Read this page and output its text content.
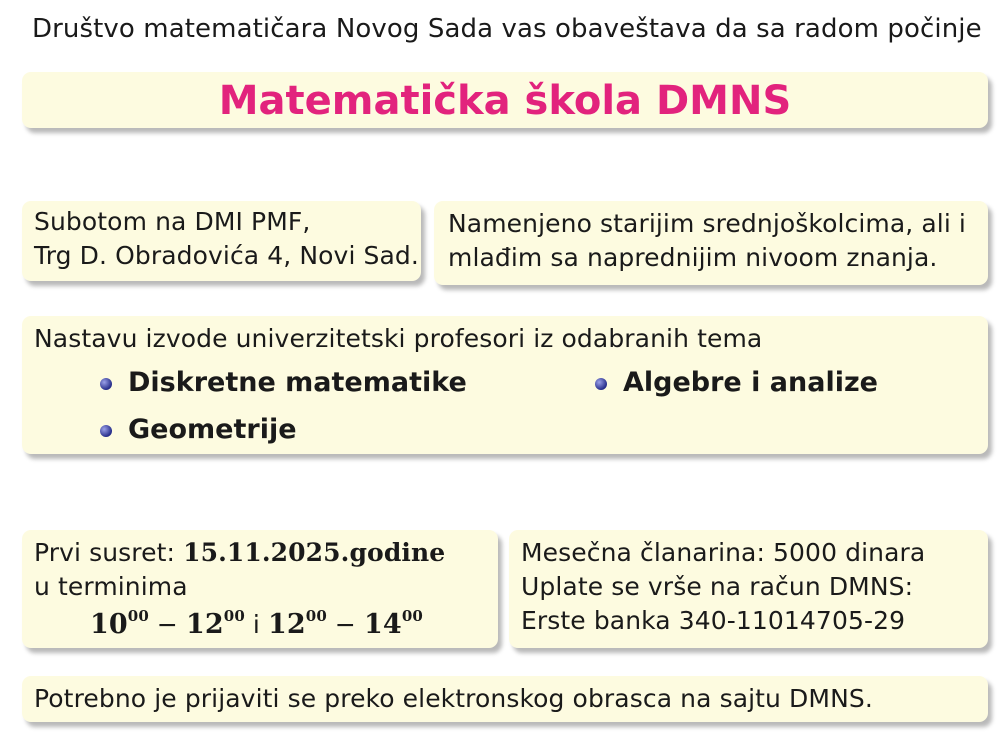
Društvo matematičara Novog Sada vas obaveštava da sa radom počinje
Matematička škola DMNS
Subotom na DMI PMF,
Trg D. Obradovića 4, Novi Sad.
Namenjeno starijim srednjoškolcima, ali i
mlađim sa naprednijim nivoom znanja.
Nastavu izvode univerzitetski profesori iz odabranih tema
Diskretne matematike	Algebre i analize
Geometrije
Prvi susret: 15.11.2025.godine
u terminima
$10^{00} - 12^{00}$ i $12^{00} - 14^{00}$
Mesečna članarina: 5000 dinara
Uplate se vrše na račun DMNS:
Erste banka 340-11014705-29
Potrebno je prijaviti se preko elektronskog obrasca na sajtu DMNS.
